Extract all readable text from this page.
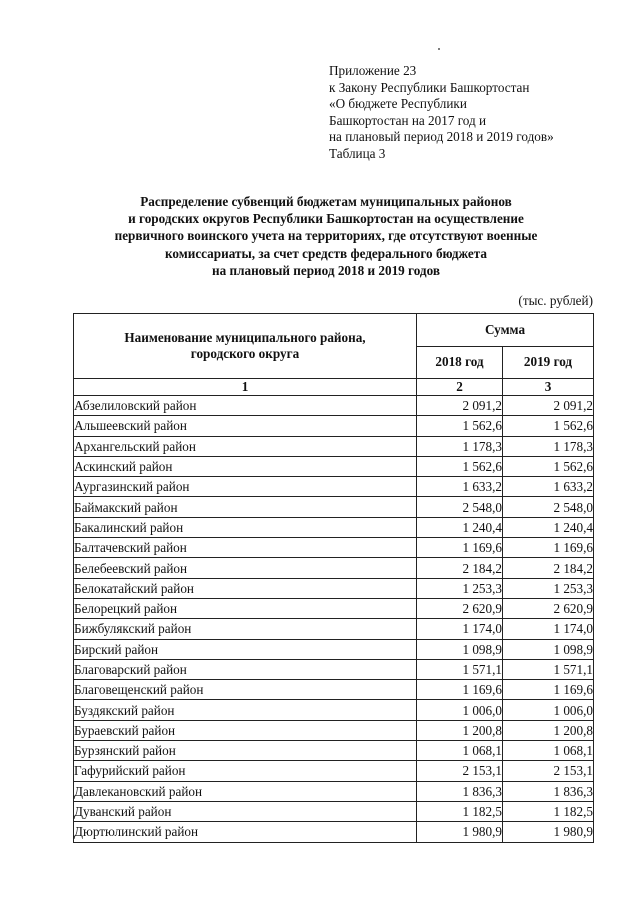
Приложение 23
к Закону Республики Башкортостан
«О бюджете Республики
Башкортостан на 2017 год и
на плановый период 2018 и 2019 годов»
Таблица 3
Распределение субвенций бюджетам муниципальных районов
и городских округов Республики Башкортостан на осуществление
первичного воинского учета на территориях, где отсутствуют военные
комиссариаты, за счет средств федерального бюджета
на плановый период 2018 и 2019 годов
(тыс. рублей)
Наименование муниципального района,
городского округа	Сумма	
	2018 год	2019 год
1	2	3
Абзелиловский район	2 091,2	2 091,2
Альшеевский район	1 562,6	1 562,6
Архангельский район	1 178,3	1 178,3
Аскинский район	1 562,6	1 562,6
Аургазинский район	1 633,2	1 633,2
Баймакский район	2 548,0	2 548,0
Бакалинский район	1 240,4	1 240,4
Балтачевский район	1 169,6	1 169,6
Белебеевский район	2 184,2	2 184,2
Белокатайский район	1 253,3	1 253,3
Белорецкий район	2 620,9	2 620,9
Бижбулякский район	1 174,0	1 174,0
Бирский район	1 098,9	1 098,9
Благоварский район	1 571,1	1 571,1
Благовещенский район	1 169,6	1 169,6
Буздякский район	1 006,0	1 006,0
Бураевский район	1 200,8	1 200,8
Бурзянский район	1 068,1	1 068,1
Гафурийский район	2 153,1	2 153,1
Давлекановский район	1 836,3	1 836,3
Дуванский район	1 182,5	1 182,5
Дюртюлинский район	1 980,9	1 980,9
